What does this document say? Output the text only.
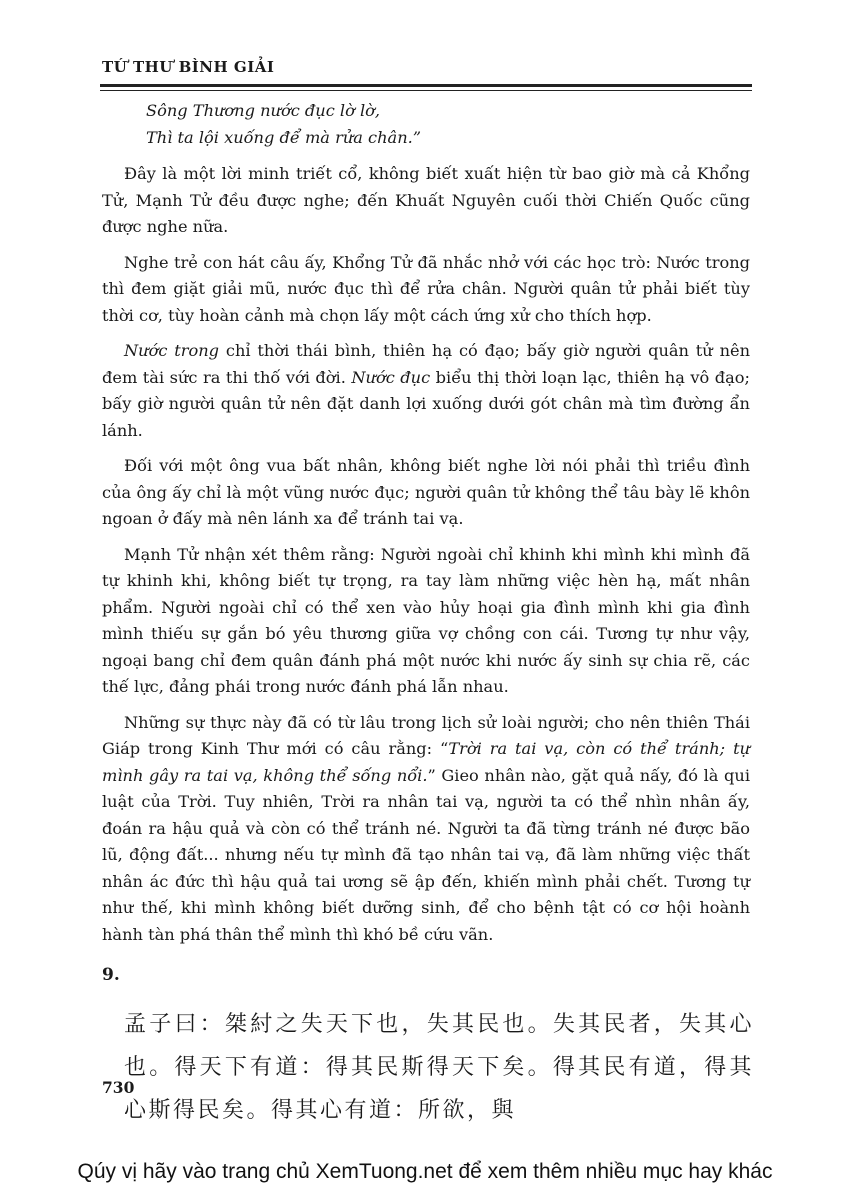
TỨ THƯ BÌNH GIẢI
Sông Thương nước đục lờ lờ,
Thì ta lội xuống để mà rửa chân.”

Đây là một lời minh triết cổ, không biết xuất hiện từ bao giờ mà cả Khổng Tử, Mạnh Tử đều được nghe; đến Khuất Nguyên cuối thời Chiến Quốc cũng được nghe nữa.

Nghe trẻ con hát câu ấy, Khổng Tử đã nhắc nhở với các học trò: Nước trong thì đem giặt giải mũ, nước đục thì để rửa chân. Người quân tử phải biết tùy thời cơ, tùy hoàn cảnh mà chọn lấy một cách ứng xử cho thích hợp.

Nước trong chỉ thời thái bình, thiên hạ có đạo; bấy giờ người quân tử nên đem tài sức ra thi thố với đời. Nước đục biểu thị thời loạn lạc, thiên hạ vô đạo; bấy giờ người quân tử nên đặt danh lợi xuống dưới gót chân mà tìm đường ẩn lánh.

Đối với một ông vua bất nhân, không biết nghe lời nói phải thì triều đình của ông ấy chỉ là một vũng nước đục; người quân tử không thể tâu bày lẽ khôn ngoan ở đấy mà nên lánh xa để tránh tai vạ.

Mạnh Tử nhận xét thêm rằng: Người ngoài chỉ khinh khi mình khi mình đã tự khinh khi, không biết tự trọng, ra tay làm những việc hèn hạ, mất nhân phẩm. Người ngoài chỉ có thể xen vào hủy hoại gia đình mình khi gia đình mình thiếu sự gắn bó yêu thương giữa vợ chồng con cái. Tương tự như vậy, ngoại bang chỉ đem quân đánh phá một nước khi nước ấy sinh sự chia rẽ, các thế lực, đảng phái trong nước đánh phá lẫn nhau.

Những sự thực này đã có từ lâu trong lịch sử loài người; cho nên thiên Thái Giáp trong Kinh Thư mới có câu rằng: “Trời ra tai vạ, còn có thể tránh; tự mình gây ra tai vạ, không thể sống nổi.” Gieo nhân nào, gặt quả nấy, đó là qui luật của Trời. Tuy nhiên, Trời ra nhân tai vạ, người ta có thể nhìn nhân ấy, đoán ra hậu quả và còn có thể tránh né. Người ta đã từng tránh né được bão lũ, động đất... nhưng nếu tự mình đã tạo nhân tai vạ, đã làm những việc thất nhân ác đức thì hậu quả tai ương sẽ ập đến, khiến mình phải chết. Tương tự như thế, khi mình không biết dưỡng sinh, để cho bệnh tật có cơ hội hoành hành tàn phá thân thể mình thì khó bề cứu vãn.

9.
孟子曰：桀紂之失天下也，失其民也。失其民者，失其心也。得天下有道：得其民斯得天下矣。得其民有道，得其心斯得民矣。得其心有道：所欲，與
730
Qúy vị hãy vào trang chủ XemTuong.net để xem thêm nhiều mục hay khác
